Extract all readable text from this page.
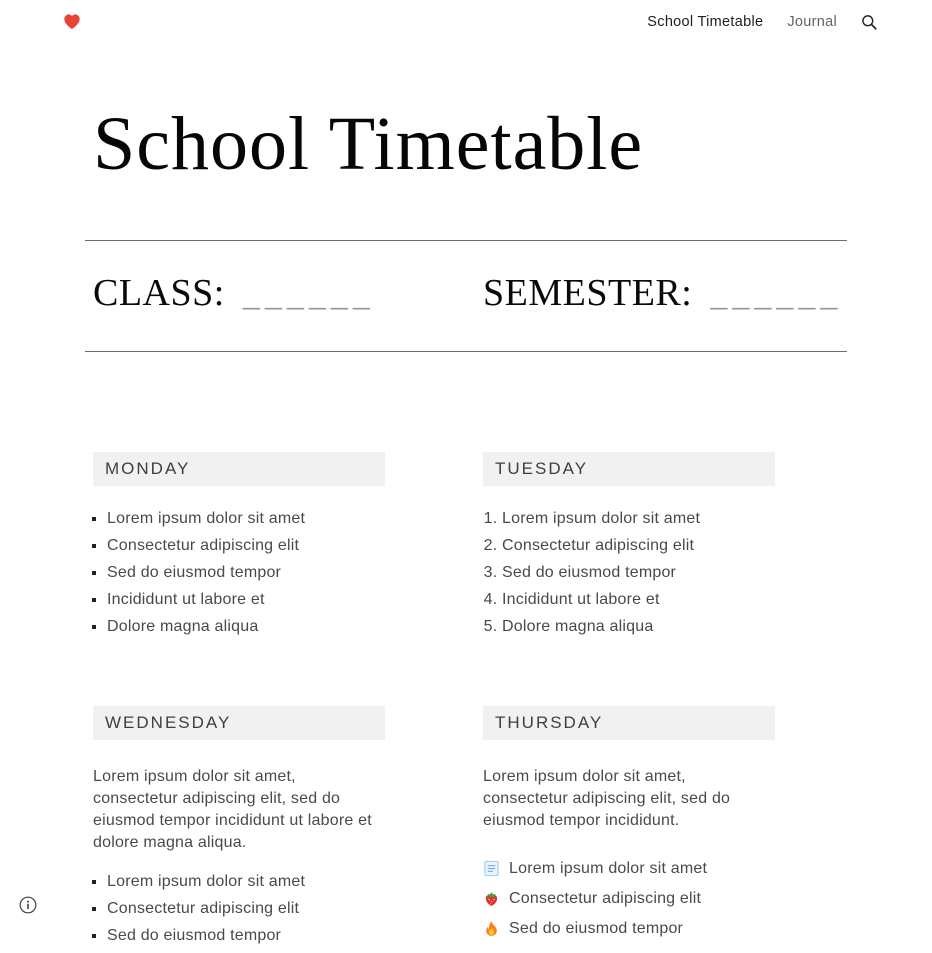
School Timetable	Journal
School Timetable
CLASS: ______	SEMESTER: ______
MONDAY
▪ Lorem ipsum dolor sit amet
▪ Consectetur adipiscing elit
▪ Sed do eiusmod tempor
▪ Incididunt ut labore et
▪ Dolore magna aliqua
TUESDAY
1. Lorem ipsum dolor sit amet
2. Consectetur adipiscing elit
3. Sed do eiusmod tempor
4. Incididunt ut labore et
5. Dolore magna aliqua
WEDNESDAY

Lorem ipsum dolor sit amet, consectetur adipiscing elit, sed do eiusmod tempor incididunt ut labore et dolore magna aliqua.

▪ Lorem ipsum dolor sit amet
▪ Consectetur adipiscing elit
▪ Sed do eiusmod tempor
THURSDAY

Lorem ipsum dolor sit amet, consectetur adipiscing elit, sed do eiusmod tempor incididunt.

Lorem ipsum dolor sit amet
Consectetur adipiscing elit
Sed do eiusmod tempor
